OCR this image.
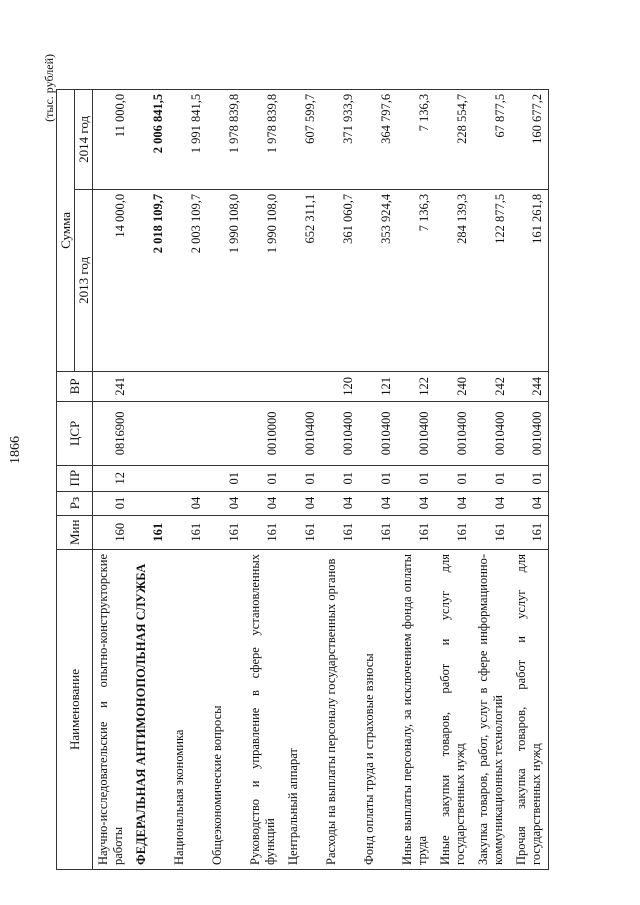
1866
(тыс. рублей)
Наименование	Мин	Рз	ПР	ЦСР	ВР	Сумма	
						2013 год	2014 год
Научно-исследовательские и опытно-конструкторские работы	160	01	12	0816900	241	14 000,0	11 000,0
ФЕДЕРАЛЬНАЯ АНТИМОНОПОЛЬНАЯ СЛУЖБА	161					2 018 109,7	2 006 841,5
Национальная экономика	161	04				2 003 109,7	1 991 841,5
Общеэкономические вопросы	161	04	01			1 990 108,0	1 978 839,8
Руководство и управление в сфере установленных функций	161	04	01	0010000		1 990 108,0	1 978 839,8
Центральный аппарат	161	04	01	0010400		652 311,1	607 599,7
Расходы на выплаты персоналу государственных органов	161	04	01	0010400	120	361 060,7	371 933,9
Фонд оплаты труда и страховые взносы	161	04	01	0010400	121	353 924,4	364 797,6
Иные выплаты персоналу, за исключением фонда оплаты труда	161	04	01	0010400	122	7 136,3	7 136,3
Иные закупки товаров, работ и услуг для государственных нужд	161	04	01	0010400	240	284 139,3	228 554,7
Закупка товаров, работ, услуг в сфере информационно-коммуникационных технологий	161	04	01	0010400	242	122 877,5	67 877,5
Прочая закупка товаров, работ и услуг для государственных нужд	161	04	01	0010400	244	161 261,8	160 677,2
